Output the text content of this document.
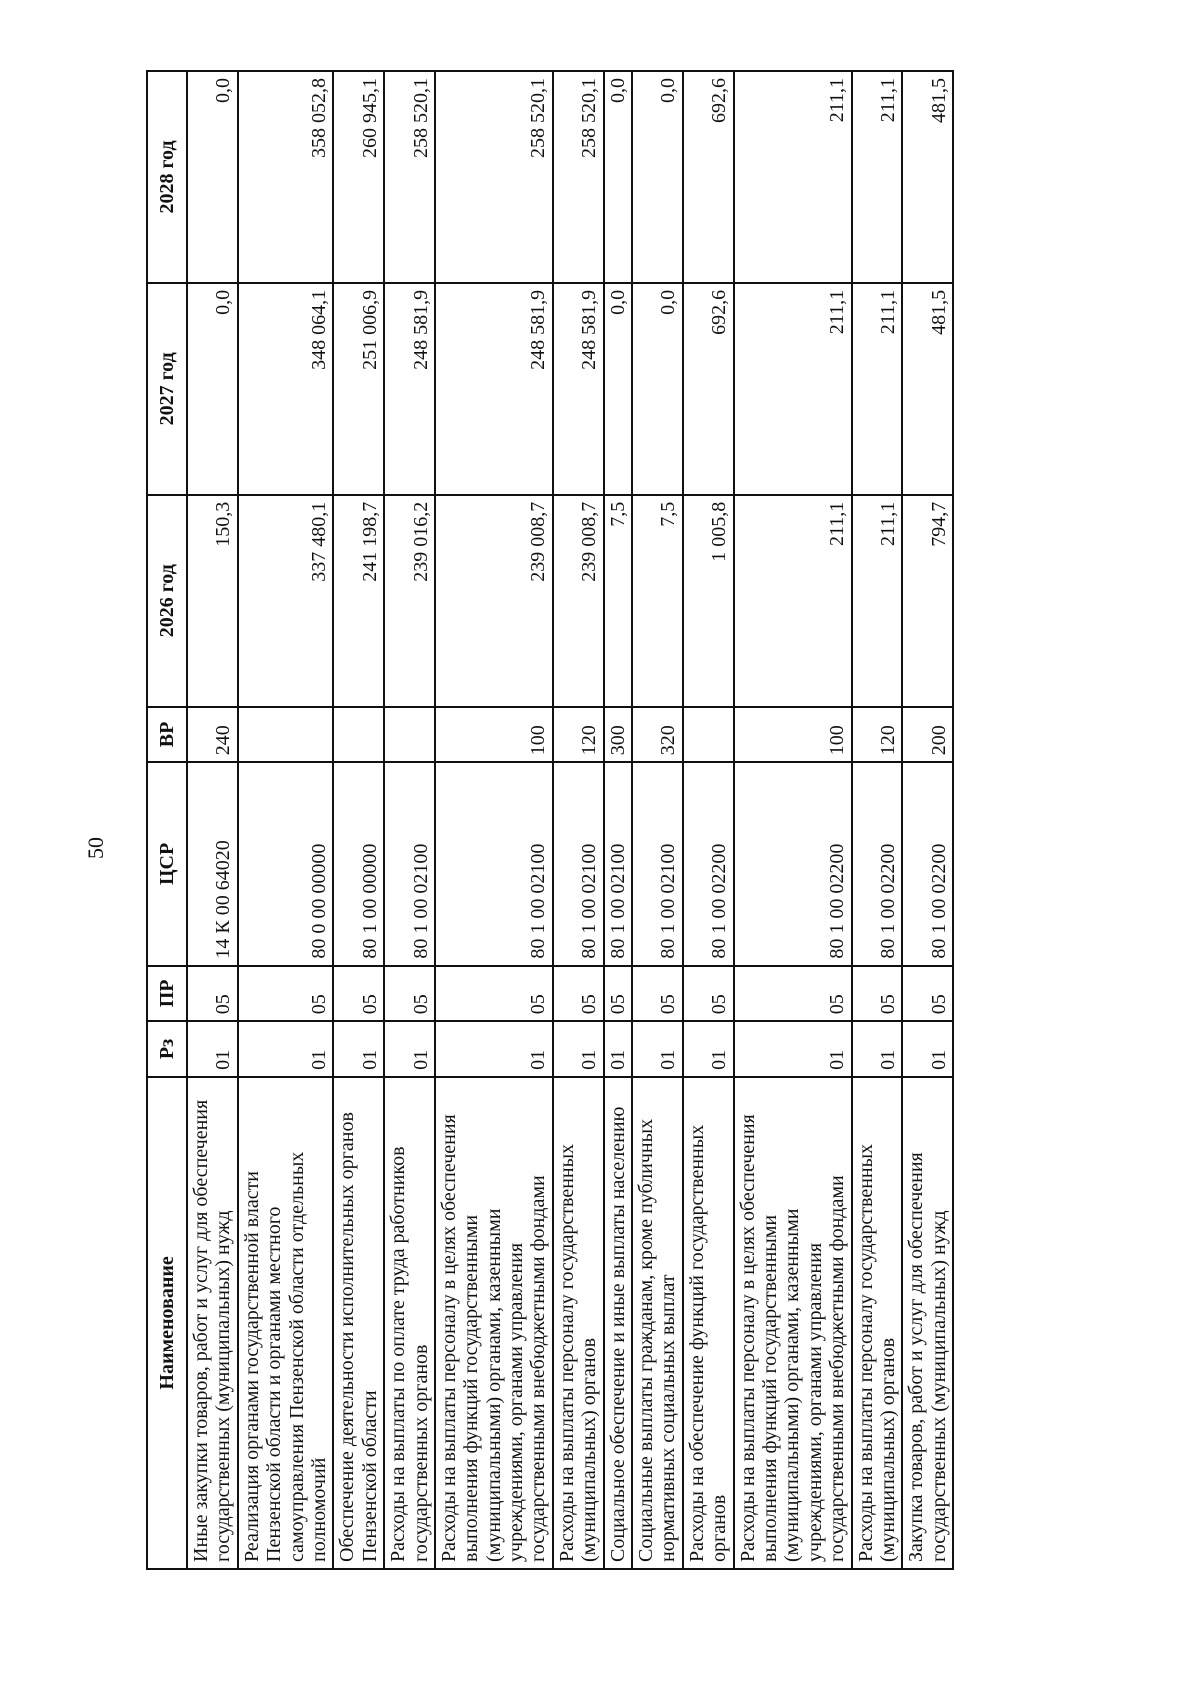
50
Наименование	Рз	ПР	ЦСР	ВР	2026 год	2027 год	2028 год
Иные закупки товаров, работ и услуг для обеспечения государственных (муниципальных) нужд	01	05	14 К 00 64020	240	150,3	0,0	0,0
Реализация органами государственной власти Пензенской области и органами местного самоуправления Пензенской области отдельных полномочий	01	05	80 0 00 00000		337 480,1	348 064,1	358 052,8
Обеспечение деятельности исполнительных органов Пензенской области	01	05	80 1 00 00000		241 198,7	251 006,9	260 945,1
Расходы на выплаты по оплате труда работников государственных органов	01	05	80 1 00 02100		239 016,2	248 581,9	258 520,1
Расходы на выплаты персоналу в целях обеспечения выполнения функций государственными (муниципальными) органами, казенными учреждениями, органами управления государственными внебюджетными фондами	01	05	80 1 00 02100	100	239 008,7	248 581,9	258 520,1
Расходы на выплаты персоналу государственных (муниципальных) органов	01	05	80 1 00 02100	120	239 008,7	248 581,9	258 520,1
Социальное обеспечение и иные выплаты населению	01	05	80 1 00 02100	300	7,5	0,0	0,0
Социальные выплаты гражданам, кроме публичных нормативных социальных выплат	01	05	80 1 00 02100	320	7,5	0,0	0,0
Расходы на обеспечение функций государственных органов	01	05	80 1 00 02200		1 005,8	692,6	692,6
Расходы на выплаты персоналу в целях обеспечения выполнения функций государственными (муниципальными) органами, казенными учреждениями, органами управления государственными внебюджетными фондами	01	05	80 1 00 02200	100	211,1	211,1	211,1
Расходы на выплаты персоналу государственных (муниципальных) органов	01	05	80 1 00 02200	120	211,1	211,1	211,1
Закупка товаров, работ и услуг для обеспечения государственных (муниципальных) нужд	01	05	80 1 00 02200	200	794,7	481,5	481,5
